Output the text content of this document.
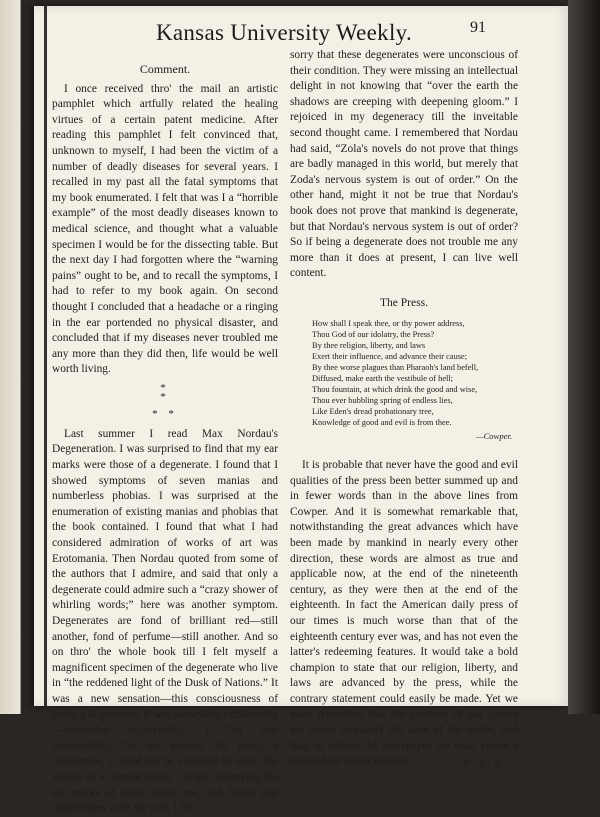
Kansas University Weekly.	91
Comment.

I once received thro' the mail an artistic pamphlet which artfully related the healing virtues of a certain patent medicine. After reading this pamphlet I felt convinced that, unknown to myself, I had been the victim of a number of deadly diseases for several years. I recalled in my past all the fatal symptoms that my book enumerated. I felt that was I a “horrible example” of the most deadly diseases known to medical science, and thought what a valuable specimen I would be for the dissecting table. But the next day I had forgotten where the “warning pains” ought to be, and to recall the symptoms, I had to refer to my book again. On second thought I concluded that a headache or a ringing in the ear portended no physical disaster, and concluded that if my diseases never troubled me any more than they did then, life would be well worth living.

*
*
* *

Last summer I read Max Nordau's Degeneration. I was surprised to find that my ear marks were those of a degenerate. I found that I showed symptoms of seven manias and numberless phobias. I was surprised at the enumeration of existing manias and phobias that the book contained. I found that what I had considered admiration of works of art was Erotomania. Then Nordau quoted from some of the authors that I admire, and said that only a degenerate could admire such a “crazy shower of whirling words;” here was another symptom. Degenerates are fond of brilliant red—still another, fond of perfume—still another. And so on thro' the whole book till I felt myself a magnificent specimen of the degenerate who live in “the reddened light of the Dusk of Nations.” It was a new sensation—this consciousness of being a degenerate. It was somewhat exhilerating—somewhat regenerating. I felt less responsibility for my actions, for being a degenerate, I could not be expected to equal the virtues of a normal being. I began observing the ear marks of those about me, and found that degenerates were the rule. I felt

sorry that these degenerates were unconscious of their condition. They were missing an intellectual delight in not knowing that “over the earth the shadows are creeping with deepening gloom.” I rejoiced in my degeneracy till the inveitable second thought came. I remembered that Nordau had said, “Zola's novels do not prove that things are badly managed in this world, but merely that Zoda's nervous system is out of order.” On the other hand, might it not be true that Nordau's book does not prove that mankind is degenerate, but that Nordau's nervous system is out of order? So if being a degenerate does not trouble me any more than it does at present, I can live well content.

The Press.
How shall I speak thee, or thy power address,
Thou God of our idolatry, the Press?
By thee religion, liberty, and laws
Exert their influence, and advance their cause;
By thee worse plagues than Pharaoh's land befell,
Diffused, make earth the vestibule of hell;
Thou fountain, at which drink the good and wise,
Thou ever bubbling spring of endless lies,
Like Eden's dread probationary tree,
Knowledge of good and evil is from thee.
—Cowper.

It is probable that never have the good and evil qualities of the press been better summed up and in fewer words than in the above lines from Cowper. And it is somewhat remarkable that, notwithstanding the great advances which have been made by mankind in nearly every other direction, these words are almost as true and applicable now, at the end of the nineteenth century, as they were then at the end of the eighteenth. In fact the American daily press of our times is much worse than that of the eighteenth century ever was, and has not even the latter's redeeming features. It would take a bold champion to state that our religion, liberty, and laws are advanced by the press, while the contrary statement could easily be made. Yet we must remember that the contents of our papers are meant to satisfy the taste of the reader, and that, to reform the newspaper we must create a demand for better reading.	R. R. P.
